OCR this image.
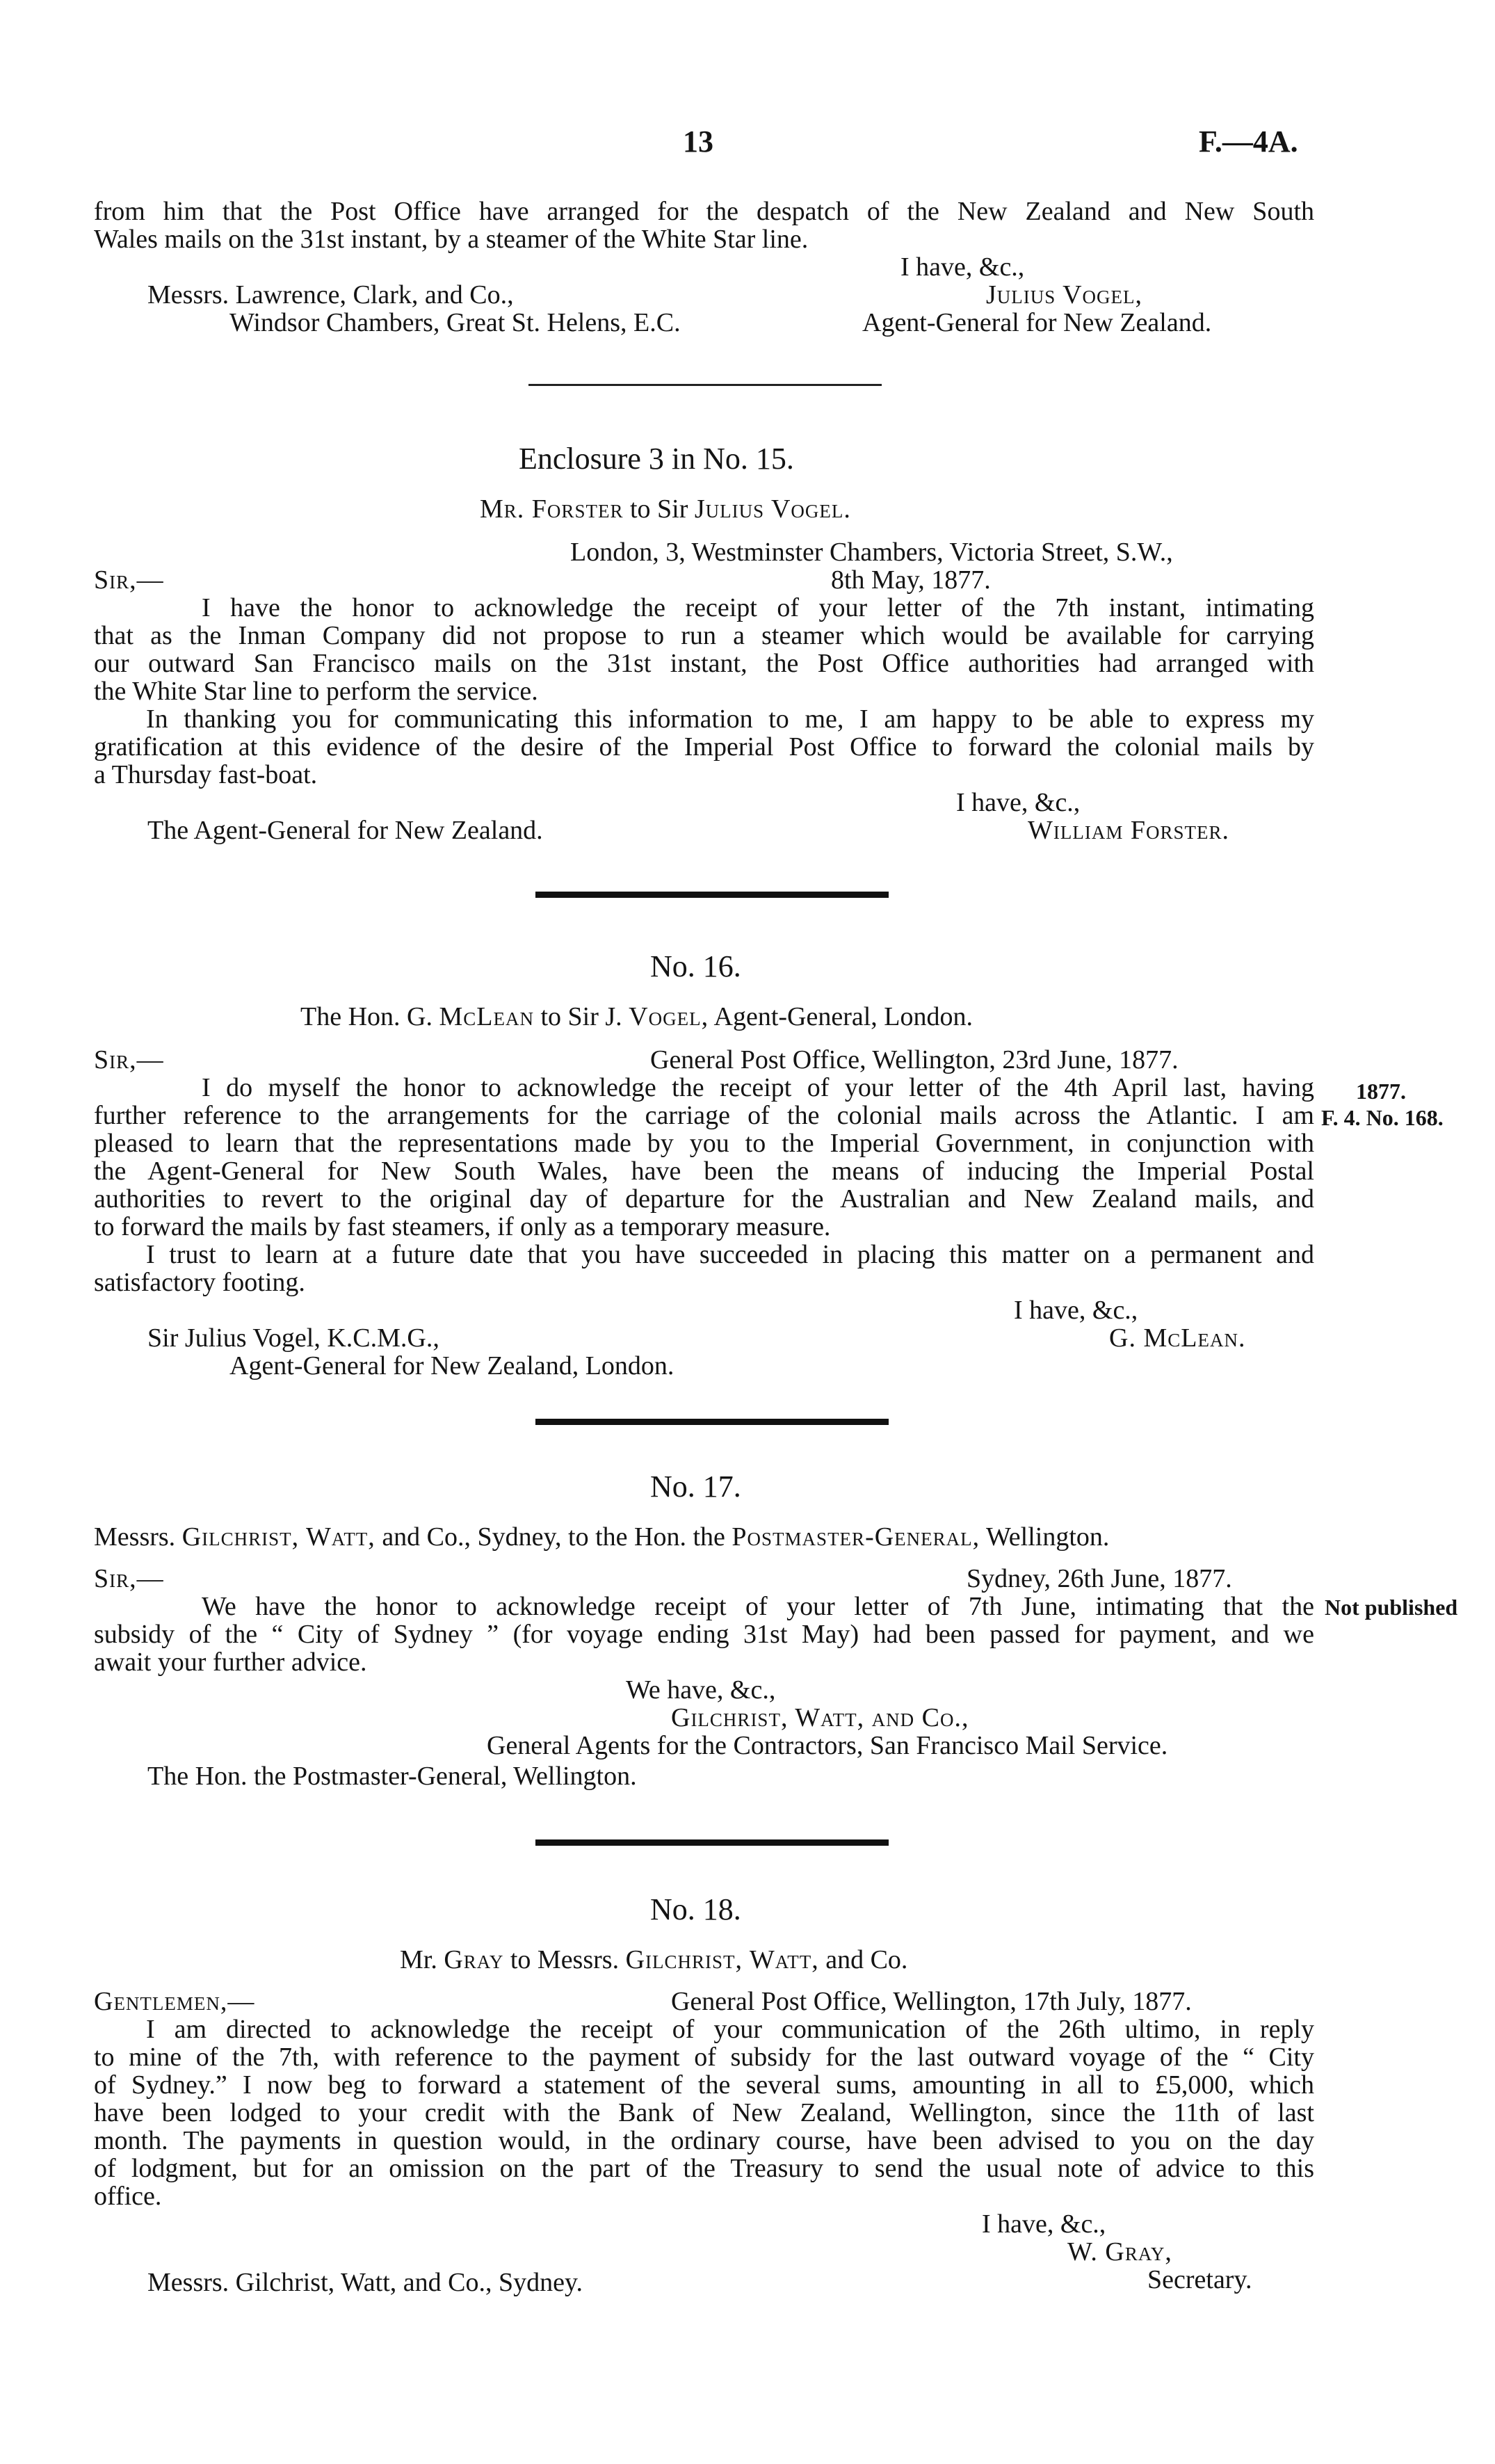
13	F.—4A.
from him that the Post Office have arranged for the despatch of the New Zealand and New South
Wales mails on the 31st instant, by a steamer of the White Star line.
I have, &c.,
Messrs. Lawrence, Clark, and Co.,	Julius Vogel,
Windsor Chambers, Great St. Helens, E.C.	Agent-General for New Zealand.
Enclosure 3 in No. 15.
Mr. Forster to Sir Julius Vogel.
London, 3, Westminster Chambers, Victoria Street, S.W.,
Sir,—	8th May, 1877.
I have the honor to acknowledge the receipt of your letter of the 7th instant, intimating
that as the Inman Company did not propose to run a steamer which would be available for carrying
our outward San Francisco mails on the 31st instant, the Post Office authorities had arranged with
the White Star line to perform the service.
In thanking you for communicating this information to me, I am happy to be able to express my
gratification at this evidence of the desire of the Imperial Post Office to forward the colonial mails by
a Thursday fast-boat.
I have, &c.,
The Agent-General for New Zealand.	William Forster.
No. 16.
The Hon. G. McLean to Sir J. Vogel, Agent-General, London.
Sir,—	General Post Office, Wellington, 23rd June, 1877.
I do myself the honor to acknowledge the receipt of your letter of the 4th April last, having
further reference to the arrangements for the carriage of the colonial mails across the Atlantic. I am
pleased to learn that the representations made by you to the Imperial Government, in conjunction with
the Agent-General for New South Wales, have been the means of inducing the Imperial Postal
authorities to revert to the original day of departure for the Australian and New Zealand mails, and
to forward the mails by fast steamers, if only as a temporary measure.
I trust to learn at a future date that you have succeeded in placing this matter on a permanent and
satisfactory footing.
1877.
F. 4. No. 168.
I have, &c.,
Sir Julius Vogel, K.C.M.G.,	G. McLean.
Agent-General for New Zealand, London.
No. 17.
Messrs. Gilchrist, Watt, and Co., Sydney, to the Hon. the Postmaster-General, Wellington.
Sir,—	Sydney, 26th June, 1877.
We have the honor to acknowledge receipt of your letter of 7th June, intimating that the
subsidy of the “ City of Sydney ” (for voyage ending 31st May) had been passed for payment, and we
await your further advice.
Not published
We have, &c.,
Gilchrist, Watt, and Co.,
General Agents for the Contractors, San Francisco Mail Service.
The Hon. the Postmaster-General, Wellington.
No. 18.
Mr. Gray to Messrs. Gilchrist, Watt, and Co.
Gentlemen,—	General Post Office, Wellington, 17th July, 1877.
I am directed to acknowledge the receipt of your communication of the 26th ultimo, in reply
to mine of the 7th, with reference to the payment of subsidy for the last outward voyage of the “ City
of Sydney.” I now beg to forward a statement of the several sums, amounting in all to £5,000, which
have been lodged to your credit with the Bank of New Zealand, Wellington, since the 11th of last
month. The payments in question would, in the ordinary course, have been advised to you on the day
of lodgment, but for an omission on the part of the Treasury to send the usual note of advice to this
office.
I have, &c.,
W. Gray,
Secretary.
Messrs. Gilchrist, Watt, and Co., Sydney.
